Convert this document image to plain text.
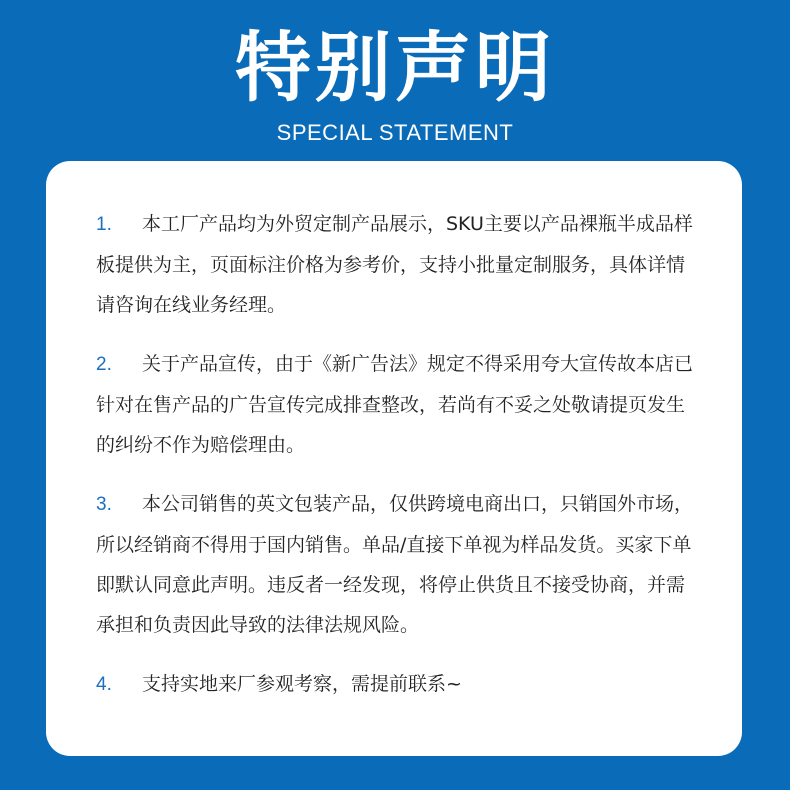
特别声明
SPECIAL STATEMENT
1. 本工厂产品均为外贸定制产品展示，SKU主要以产品裸瓶半成品样板提供为主，页面标注价格为参考价，支持小批量定制服务，具体详情请咨询在线业务经理。
2. 关于产品宣传，由于《新广告法》规定不得采用夸大宣传故本店已针对在售产品的广告宣传完成排查整改，若尚有不妥之处敬请提页发生的纠纷不作为赔偿理由。
3. 本公司销售的英文包装产品，仅供跨境电商出口，只销国外市场，所以经销商不得用于国内销售。单品/直接下单视为样品发货。买家下单即默认同意此声明。违反者一经发现，将停止供货且不接受协商，并需承担和负责因此导致的法律法规风险。
4. 支持实地来厂参观考察，需提前联系~
